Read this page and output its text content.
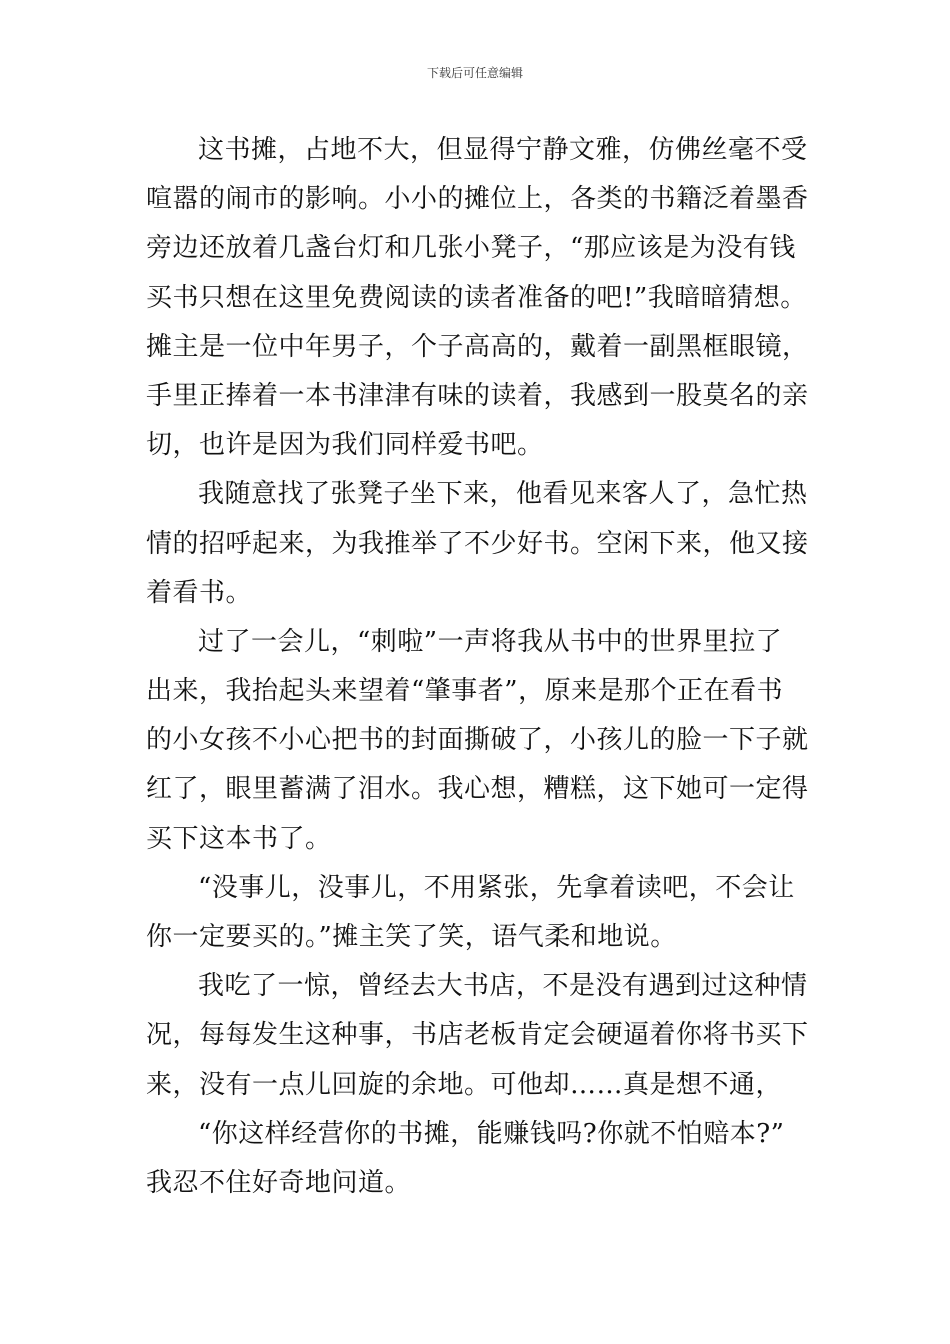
下载后可任意编辑
这书摊，占地不大，但显得宁静文雅，仿佛丝毫不受
喧嚣的闹市的影响。小小的摊位上，各类的书籍泛着墨香
旁边还放着几盏台灯和几张小凳子，“那应该是为没有钱
买书只想在这里免费阅读的读者准备的吧!”我暗暗猜想。
摊主是一位中年男子，个子高高的，戴着一副黑框眼镜，
手里正捧着一本书津津有味的读着，我感到一股莫名的亲
切，也许是因为我们同样爱书吧。
我随意找了张凳子坐下来，他看见来客人了，急忙热
情的招呼起来，为我推举了不少好书。空闲下来，他又接
着看书。
过了一会儿，“刺啦”一声将我从书中的世界里拉了
出来，我抬起头来望着“肇事者”，原来是那个正在看书
的小女孩不小心把书的封面撕破了，小孩儿的脸一下子就
红了，眼里蓄满了泪水。我心想，糟糕，这下她可一定得
买下这本书了。
“没事儿，没事儿，不用紧张，先拿着读吧，不会让
你一定要买的。”摊主笑了笑，语气柔和地说。
我吃了一惊，曾经去大书店，不是没有遇到过这种情
况，每每发生这种事，书店老板肯定会硬逼着你将书买下
来，没有一点儿回旋的余地。可他却……真是想不通，
“你这样经营你的书摊，能赚钱吗?你就不怕赔本?”
我忍不住好奇地问道。
